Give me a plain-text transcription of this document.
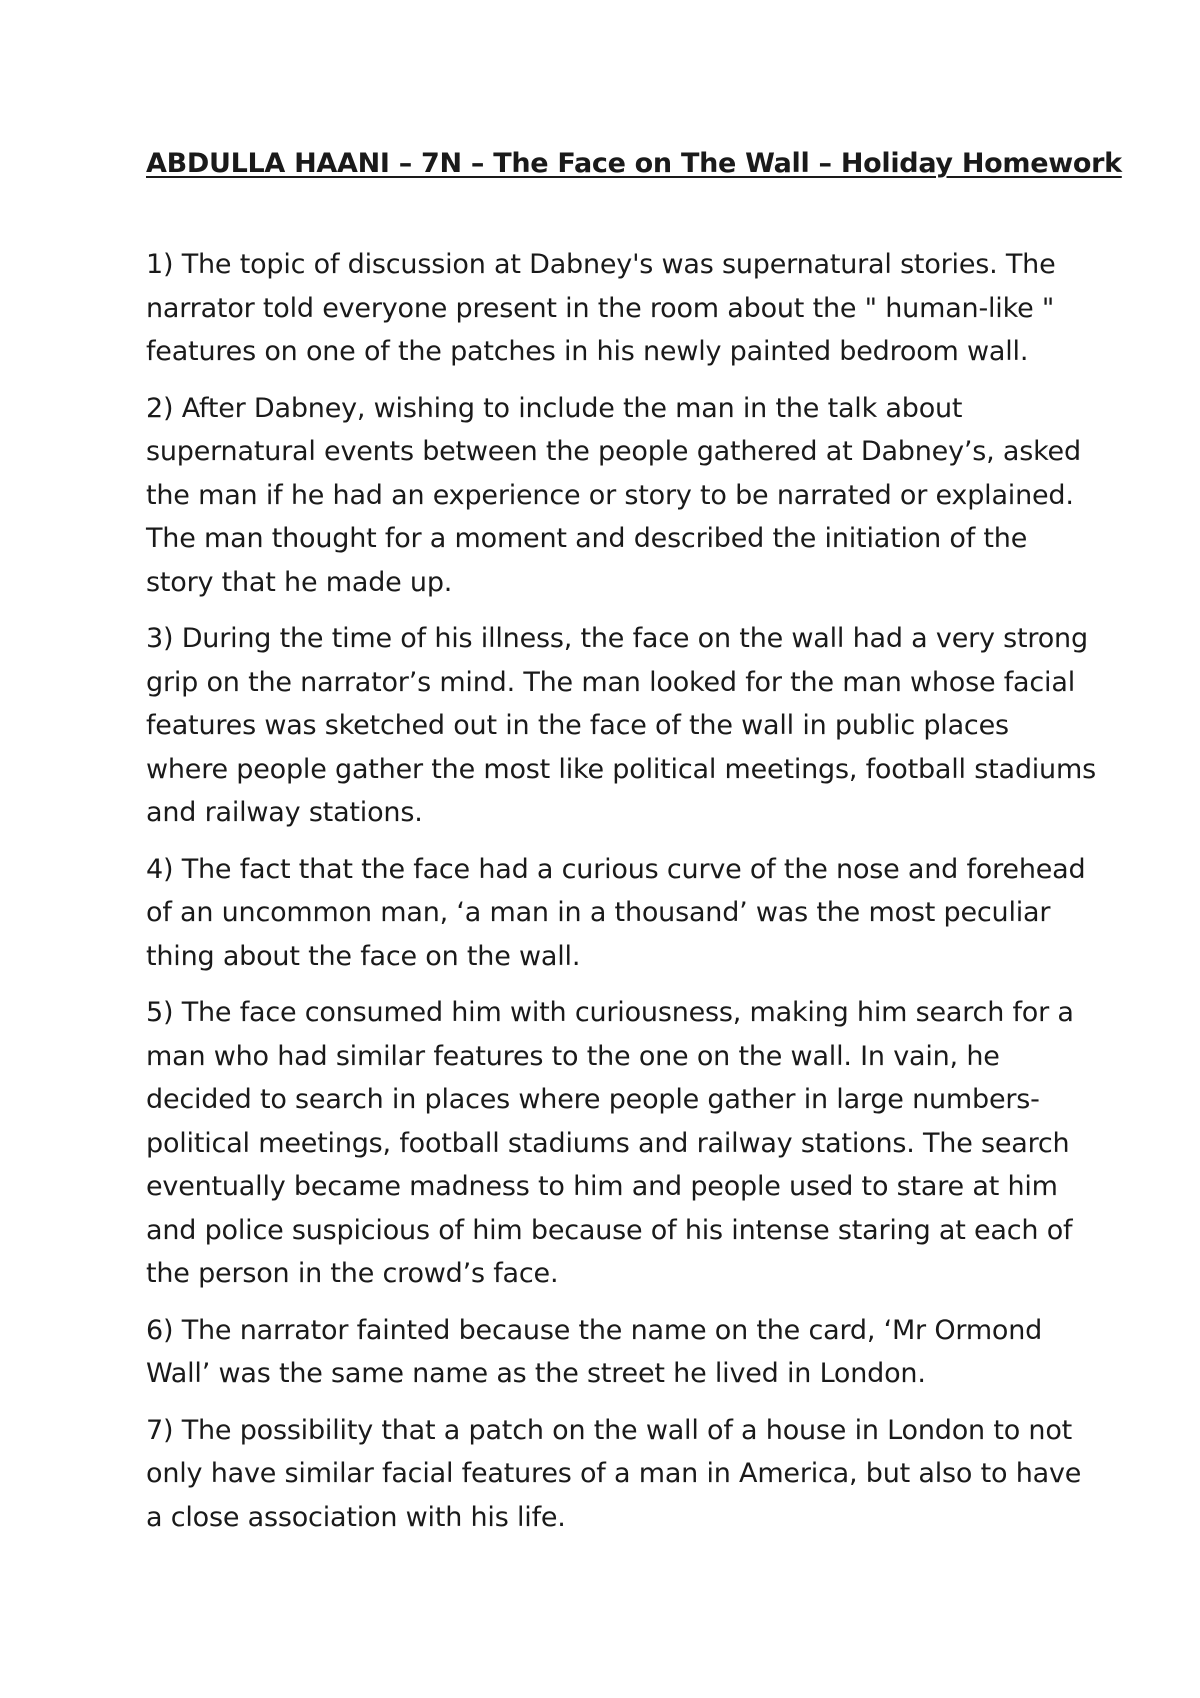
ABDULLA HAANI – 7N – The Face on The Wall – Holiday Homework

1) The topic of discussion at Dabney's was supernatural stories. The narrator told everyone present in the room about the " human-like " features on one of the patches in his newly painted bedroom wall.

2) After Dabney, wishing to include the man in the talk about supernatural events between the people gathered at Dabney’s, asked the man if he had an experience or story to be narrated or explained. The man thought for a moment and described the initiation of the story that he made up.

3) During the time of his illness, the face on the wall had a very strong grip on the narrator’s mind. The man looked for the man whose facial features was sketched out in the face of the wall in public places where people gather the most like political meetings, football stadiums and railway stations.

4) The fact that the face had a curious curve of the nose and forehead of an uncommon man, ‘a man in a thousand’ was the most peculiar thing about the face on the wall.

5) The face consumed him with curiousness, making him search for a man who had similar features to the one on the wall. In vain, he decided to search in places where people gather in large numbers-political meetings, football stadiums and railway stations. The search eventually became madness to him and people used to stare at him and police suspicious of him because of his intense staring at each of the person in the crowd’s face.

6) The narrator fainted because the name on the card, ‘Mr Ormond Wall’ was the same name as the street he lived in London.

7) The possibility that a patch on the wall of a house in London to not only have similar facial features of a man in America, but also to have a close association with his life.
